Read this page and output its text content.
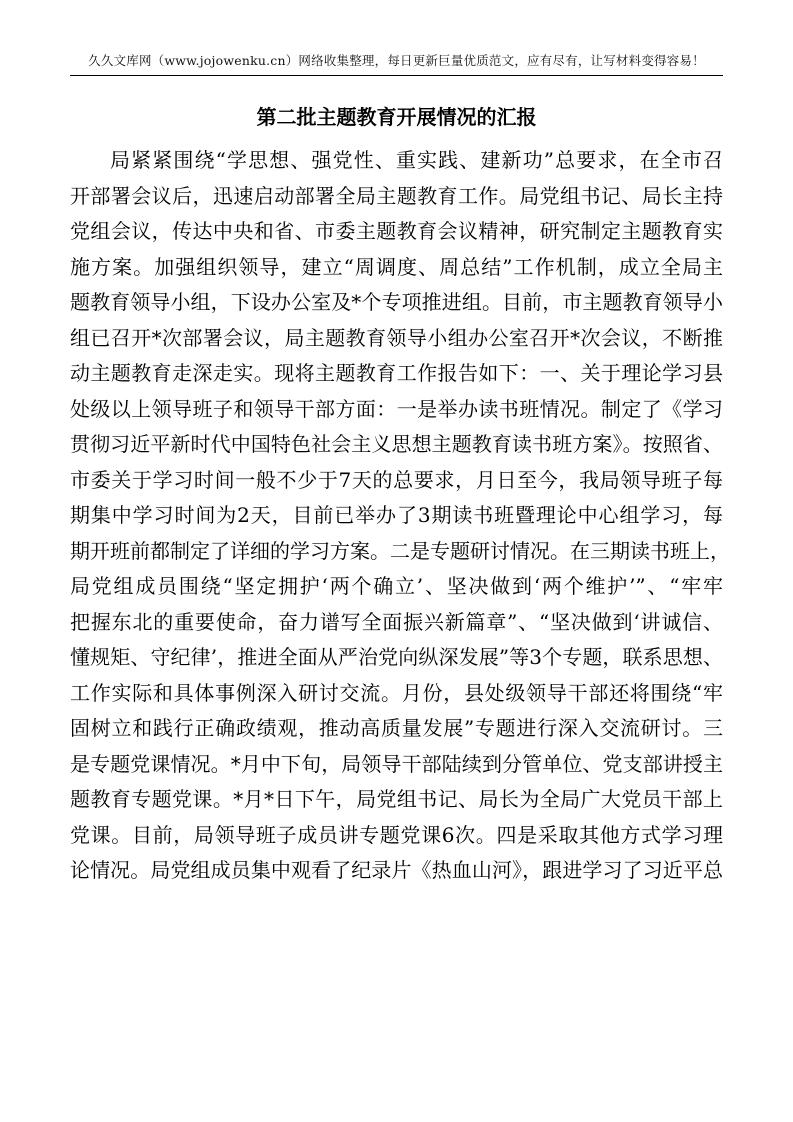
久久文库网（www.jojowenku.cn）网络收集整理，每日更新巨量优质范文，应有尽有，让写材料变得容易！
第二批主题教育开展情况的汇报
局紧紧围绕“学思想、强党性、重实践、建新功”总要求，在全市召
开部署会议后，迅速启动部署全局主题教育工作。局党组书记、局长主持
党组会议，传达中央和省、市委主题教育会议精神，研究制定主题教育实
施方案。加强组织领导，建立“周调度、周总结”工作机制，成立全局主
题教育领导小组，下设办公室及*个专项推进组。目前，市主题教育领导小
组已召开*次部署会议，局主题教育领导小组办公室召开*次会议，不断推
动主题教育走深走实。现将主题教育工作报告如下：一、关于理论学习县
处级以上领导班子和领导干部方面：一是举办读书班情况。制定了《学习
贯彻习近平新时代中国特色社会主义思想主题教育读书班方案》。按照省、
市委关于学习时间一般不少于7天的总要求，月日至今，我局领导班子每
期集中学习时间为2天，目前已举办了3期读书班暨理论中心组学习，每
期开班前都制定了详细的学习方案。二是专题研讨情况。在三期读书班上，
局党组成员围绕“坚定拥护‘两个确立’、坚决做到‘两个维护’”、“牢牢
把握东北的重要使命，奋力谱写全面振兴新篇章”、“坚决做到‘讲诚信、
懂规矩、守纪律’，推进全面从严治党向纵深发展”等3个专题，联系思想、
工作实际和具体事例深入研讨交流。月份，县处级领导干部还将围绕“牢
固树立和践行正确政绩观，推动高质量发展”专题进行深入交流研讨。三
是专题党课情况。*月中下旬，局领导干部陆续到分管单位、党支部讲授主
题教育专题党课。*月*日下午，局党组书记、局长为全局广大党员干部上
党课。目前，局领导班子成员讲专题党课6次。四是采取其他方式学习理
论情况。局党组成员集中观看了纪录片《热血山河》，跟进学习了习近平总
